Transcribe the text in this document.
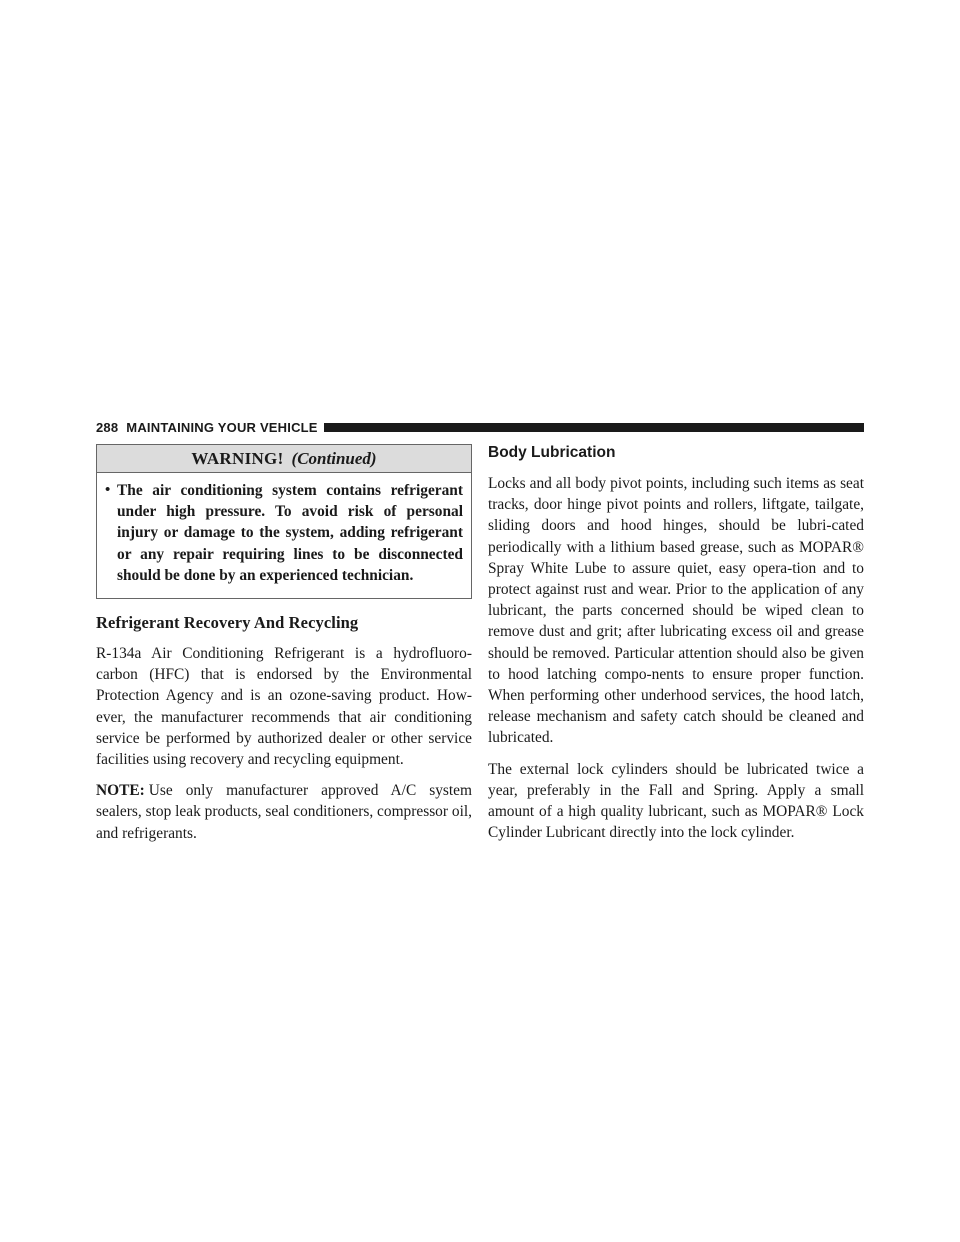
288 MAINTAINING YOUR VEHICLE
WARNING! (Continued)
• The air conditioning system contains refrigerant under high pressure. To avoid risk of personal injury or damage to the system, adding refrigerant or any repair requiring lines to be disconnected should be done by an experienced technician.

Refrigerant Recovery And Recycling

R-134a Air Conditioning Refrigerant is a hydrofluoro-carbon (HFC) that is endorsed by the Environmental Protection Agency and is an ozone-saving product. How-ever, the manufacturer recommends that air conditioning service be performed by authorized dealer or other service facilities using recovery and recycling equipment.

NOTE: Use only manufacturer approved A/C system sealers, stop leak products, seal conditioners, compressor oil, and refrigerants.

Body Lubrication

Locks and all body pivot points, including such items as seat tracks, door hinge pivot points and rollers, liftgate, tailgate, sliding doors and hood hinges, should be lubri-cated periodically with a lithium based grease, such as MOPAR® Spray White Lube to assure quiet, easy opera-tion and to protect against rust and wear. Prior to the application of any lubricant, the parts concerned should be wiped clean to remove dust and grit; after lubricating excess oil and grease should be removed. Particular attention should also be given to hood latching compo-nents to ensure proper function. When performing other underhood services, the hood latch, release mechanism and safety catch should be cleaned and lubricated.

The external lock cylinders should be lubricated twice a year, preferably in the Fall and Spring. Apply a small amount of a high quality lubricant, such as MOPAR® Lock Cylinder Lubricant directly into the lock cylinder.
